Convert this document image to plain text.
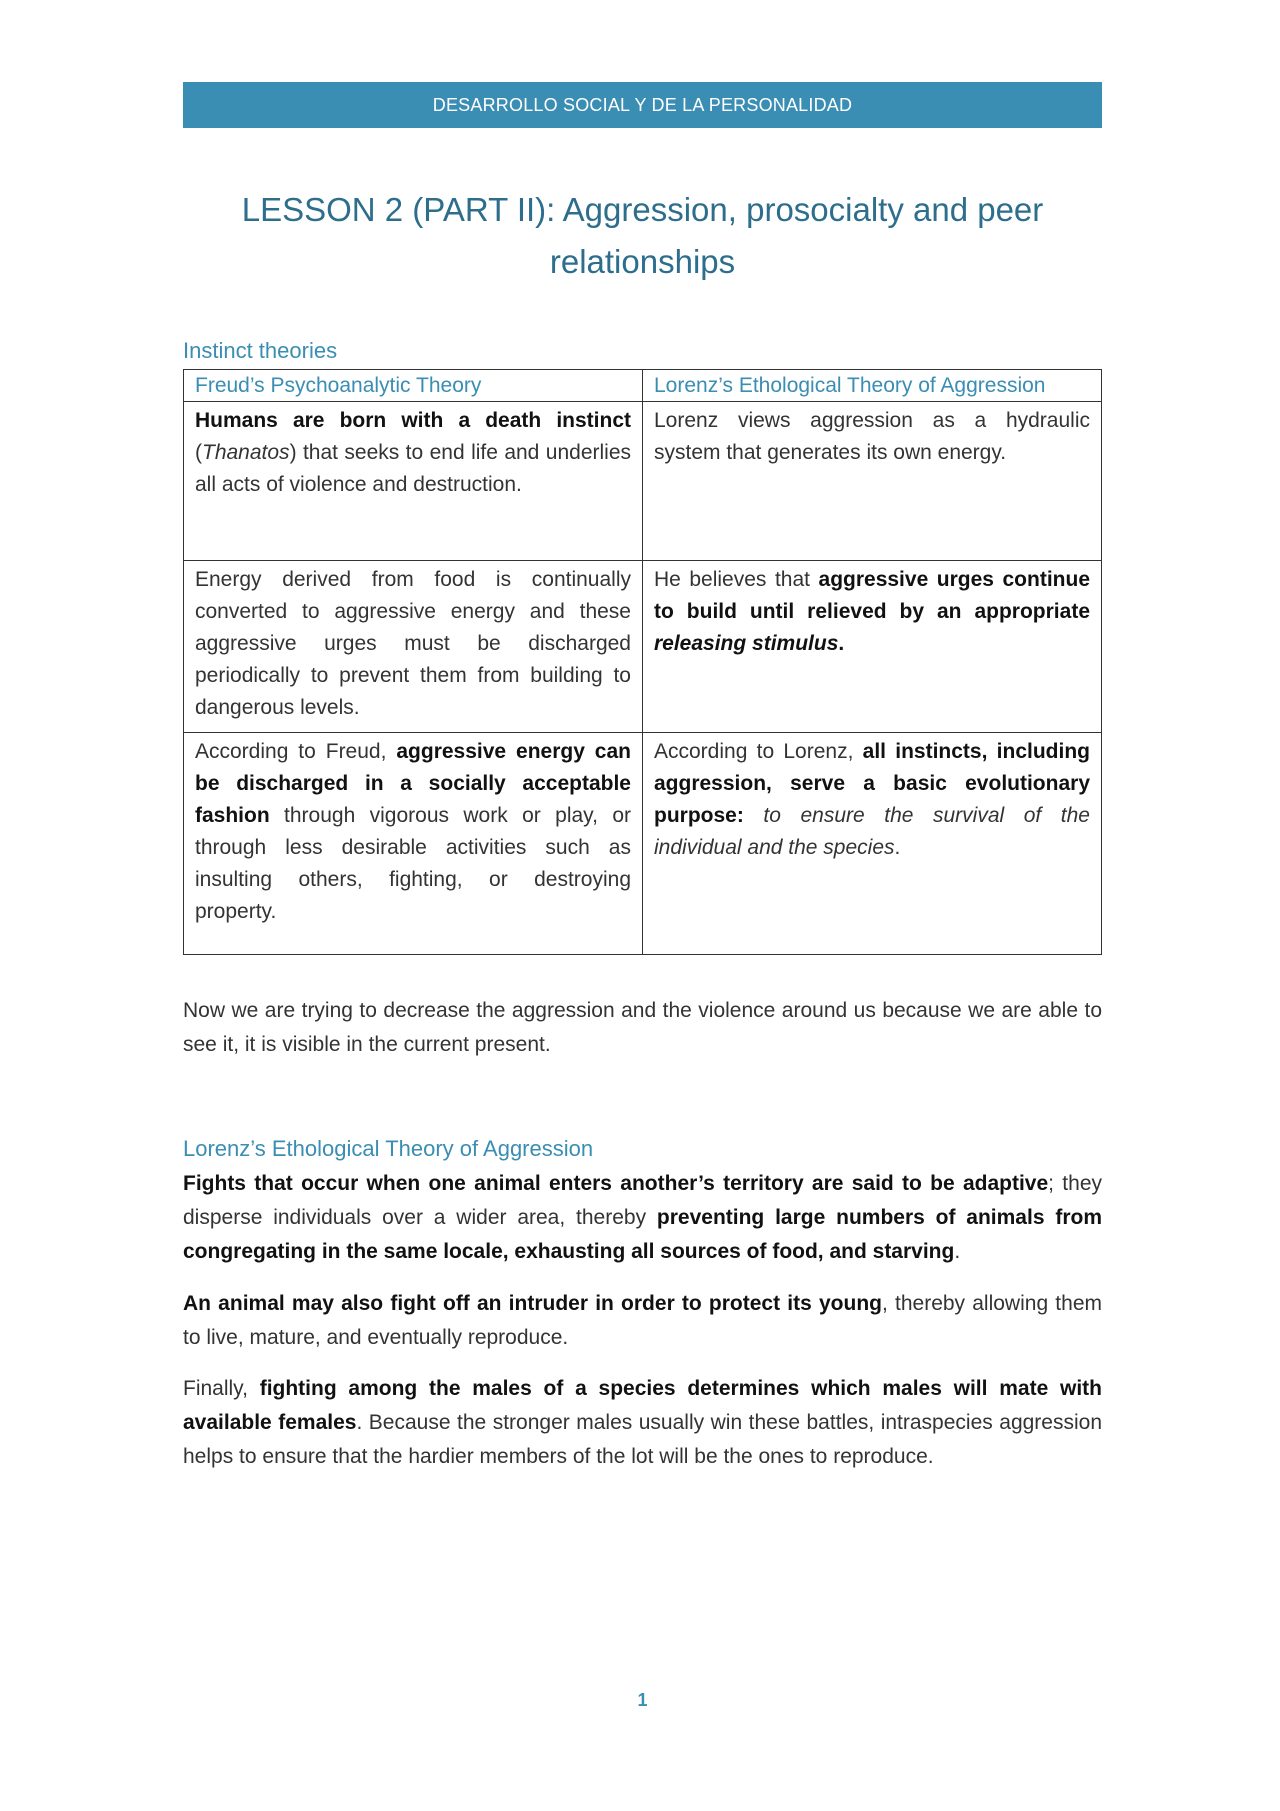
DESARROLLO SOCIAL Y DE LA PERSONALIDAD
LESSON 2 (PART II): Aggression, prosocialty and peer relationships
Instinct theories
Freud’s Psychoanalytic Theory	Lorenz’s Ethological Theory of Aggression
Humans are born with a death instinct (Thanatos) that seeks to end life and underlies all acts of violence and destruction.	Lorenz views aggression as a hydraulic system that generates its own energy.
Energy derived from food is continually converted to aggressive energy and these aggressive urges must be discharged periodically to prevent them from building to dangerous levels.	He believes that aggressive urges continue to build until relieved by an appropriate releasing stimulus.
According to Freud, aggressive energy can be discharged in a socially acceptable fashion through vigorous work or play, or through less desirable activities such as insulting others, fighting, or destroying property.	According to Lorenz, all instincts, including aggression, serve a basic evolutionary purpose: to ensure the survival of the individual and the species.
Now we are trying to decrease the aggression and the violence around us because we are able to see it, it is visible in the current present.
Lorenz’s Ethological Theory of Aggression
Fights that occur when one animal enters another’s territory are said to be adaptive; they disperse individuals over a wider area, thereby preventing large numbers of animals from congregating in the same locale, exhausting all sources of food, and starving.
An animal may also fight off an intruder in order to protect its young, thereby allowing them to live, mature, and eventually reproduce.
Finally, fighting among the males of a species determines which males will mate with available females. Because the stronger males usually win these battles, intraspecies aggression helps to ensure that the hardier members of the lot will be the ones to reproduce.
1
